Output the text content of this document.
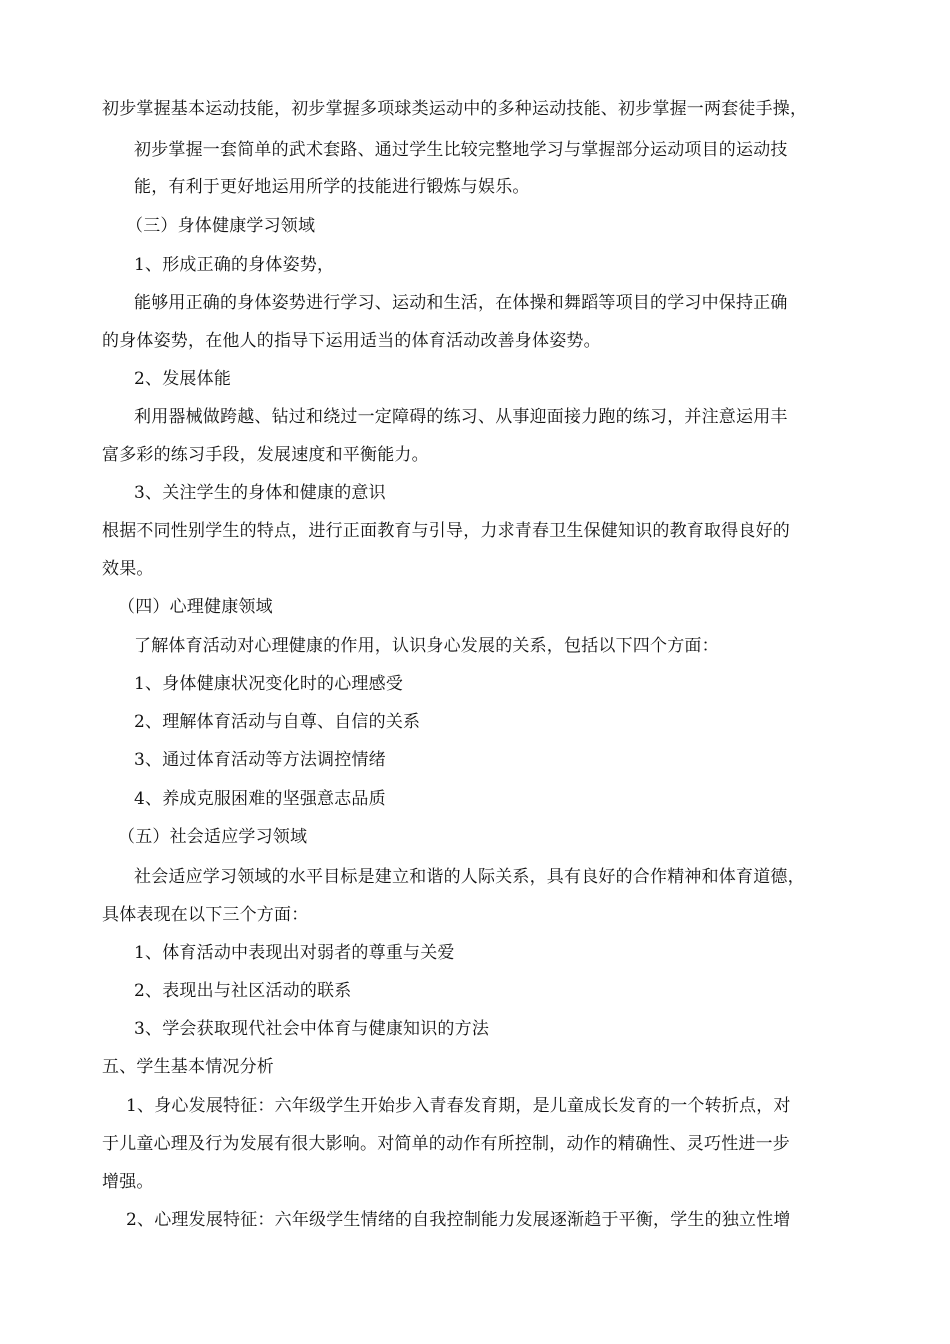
初步掌握基本运动技能，初步掌握多项球类运动中的多种运动技能、初步掌握一两套徒手操，
初步掌握一套简单的武术套路、通过学生比较完整地学习与掌握部分运动项目的运动技
能，有利于更好地运用所学的技能进行锻炼与娱乐。
（三）身体健康学习领域
1、形成正确的身体姿势，
能够用正确的身体姿势进行学习、运动和生活，在体操和舞蹈等项目的学习中保持正确
的身体姿势，在他人的指导下运用适当的体育活动改善身体姿势。
2、发展体能
利用器械做跨越、钻过和绕过一定障碍的练习、从事迎面接力跑的练习，并注意运用丰
富多彩的练习手段，发展速度和平衡能力。
3、关注学生的身体和健康的意识
根据不同性别学生的特点，进行正面教育与引导，力求青春卫生保健知识的教育取得良好的
效果。
（四）心理健康领域
了解体育活动对心理健康的作用，认识身心发展的关系，包括以下四个方面：
1、身体健康状况变化时的心理感受
2、理解体育活动与自尊、自信的关系
3、通过体育活动等方法调控情绪
4、养成克服困难的坚强意志品质
（五）社会适应学习领域
社会适应学习领域的水平目标是建立和谐的人际关系，具有良好的合作精神和体育道德，
具体表现在以下三个方面：
1、体育活动中表现出对弱者的尊重与关爱
2、表现出与社区活动的联系
3、学会获取现代社会中体育与健康知识的方法
五、学生基本情况分析
1、身心发展特征：六年级学生开始步入青春发育期，是儿童成长发育的一个转折点，对
于儿童心理及行为发展有很大影响。对简单的动作有所控制，动作的精确性、灵巧性进一步
增强。
2、心理发展特征：六年级学生情绪的自我控制能力发展逐渐趋于平衡，学生的独立性增
